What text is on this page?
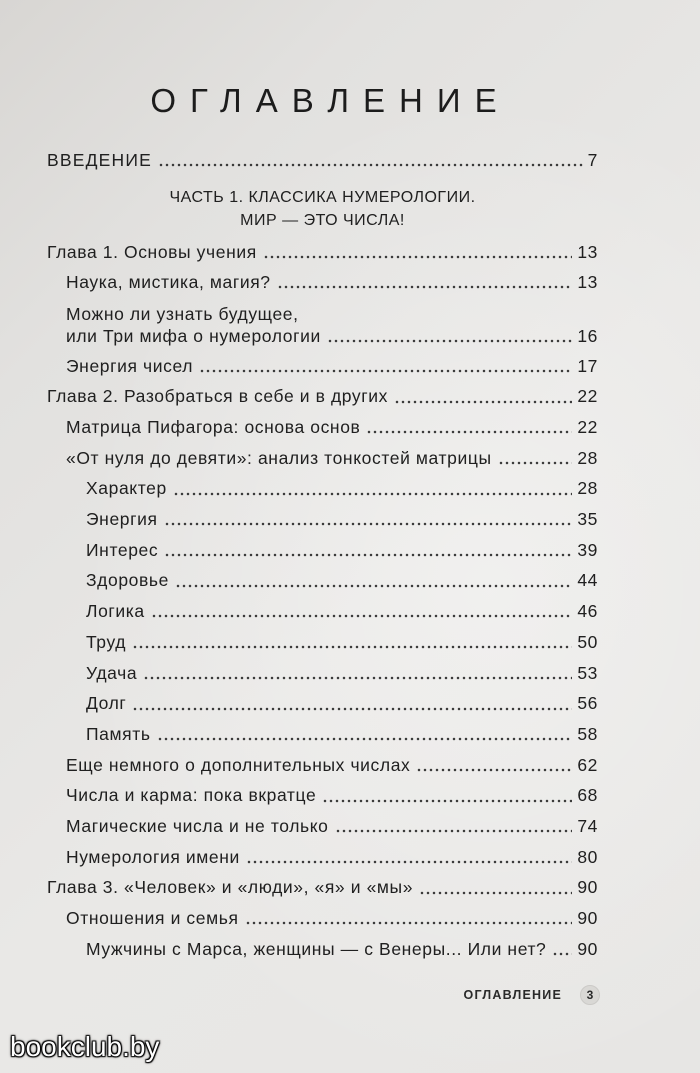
ОГЛАВЛЕНИЕ
ВВЕДЕНИЕ	7
ЧАСТЬ 1. КЛАССИКА НУМЕРОЛОГИИ.
МИР — ЭТО ЧИСЛА!
Глава 1. Основы учения	13
Наука, мистика, магия?	13
Можно ли узнать будущее,
или Три мифа о нумерологии	16
Энергия чисел	17
Глава 2. Разобраться в себе и в других	22
Матрица Пифагора: основа основ	22
«От нуля до девяти»: анализ тонкостей матрицы	28
Характер	28
Энергия	35
Интерес	39
Здоровье	44
Логика	46
Труд	50
Удача	53
Долг	56
Память	58
Еще немного о дополнительных числах	62
Числа и карма: пока вкратце	68
Магические числа и не только	74
Нумерология имени	80
Глава 3. «Человек» и «люди», «я» и «мы»	90
Отношения и семья	90
Мужчины с Марса, женщины — с Венеры... Или нет? 90
ОГЛАВЛЕНИЕ	3
bookclub.by
